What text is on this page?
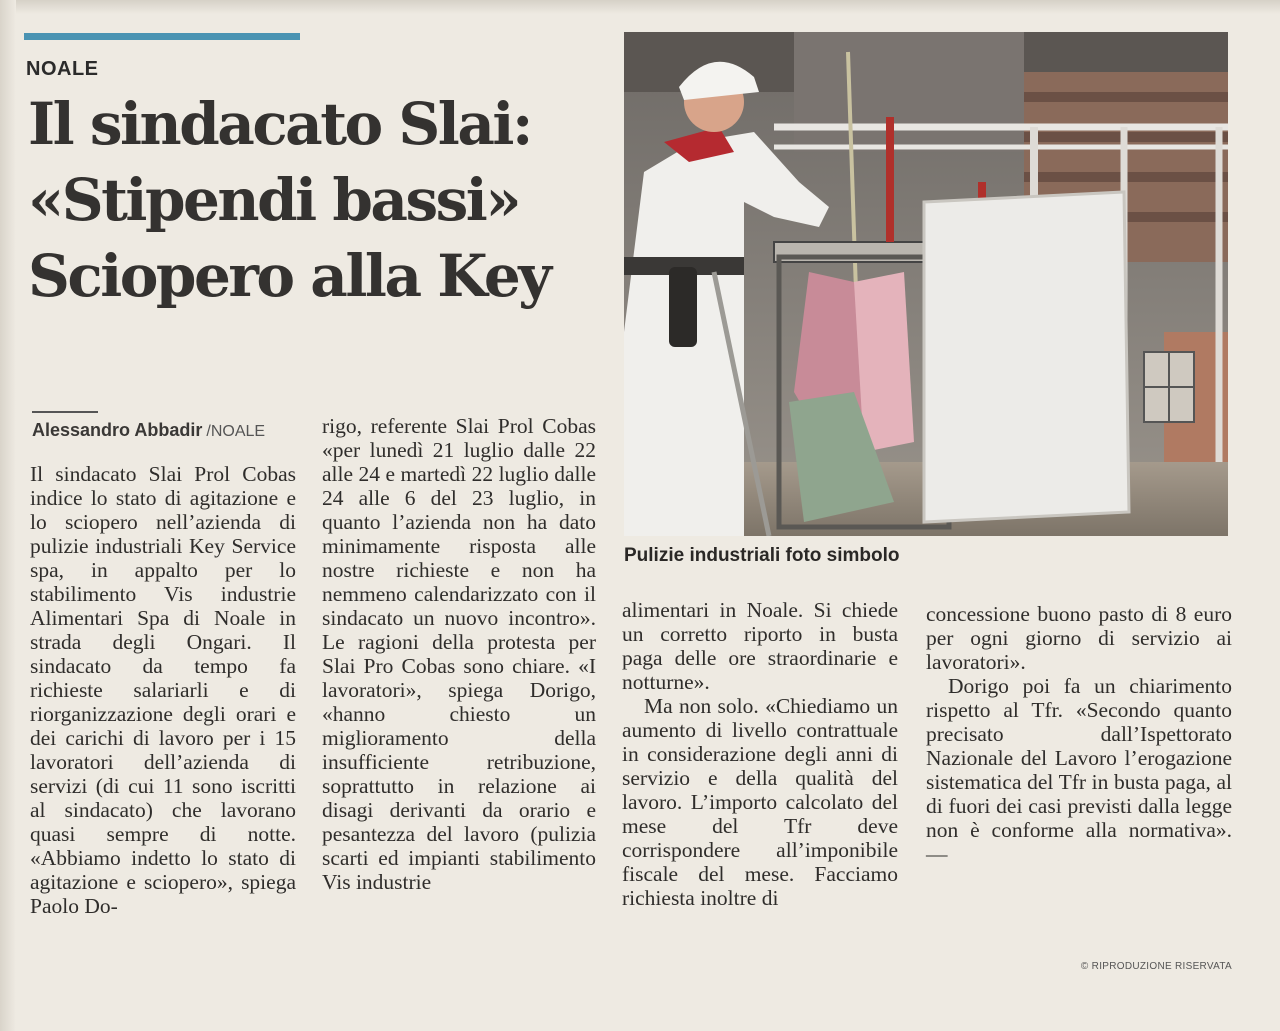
NOALE
Il sindacato Slai:
«Stipendi bassi»
Sciopero alla Key
Alessandro Abbadir /NOALE

Il sindacato Slai Prol Cobas indice lo stato di agitazione e lo sciopero nell’azienda di pulizie industriali Key Service spa, in appalto per lo stabilimento Vis industrie Alimentari Spa di Noale in strada degli Ongari. Il sindacato da tempo fa richieste salariarli e di riorganizzazione degli orari e dei carichi di lavoro per i 15 lavoratori dell’azienda di servizi (di cui 11 sono iscritti al sindacato) che lavorano quasi sempre di notte. «Abbiamo indetto lo stato di agitazione e sciopero», spiega Paolo Do-

rigo, referente Slai Prol Cobas «per lunedì 21 luglio dalle 22 alle 24 e martedì 22 luglio dalle 24 alle 6 del 23 luglio, in quanto l’azienda non ha dato minimamente risposta alle nostre richieste e non ha nemmeno calendarizzato con il sindacato un nuovo incontro». Le ragioni della protesta per Slai Pro Cobas sono chiare. «I lavoratori», spiega Dorigo, «hanno chiesto un miglioramento della insufficiente retribuzione, soprattutto in relazione ai disagi derivanti da orario e pesantezza del lavoro (pulizia scarti ed impianti stabilimento Vis industrie

alimentari in Noale. Si chiede un corretto riporto in busta paga delle ore straordinarie e notturne».

Ma non solo. «Chiediamo un aumento di livello contrattuale in considerazione degli anni di servizio e della qualità del lavoro. L’importo calcolato del mese del Tfr deve corrispondere all’imponibile fiscale del mese. Facciamo richiesta inoltre di

concessione buono pasto di 8 euro per ogni giorno di servizio ai lavoratori».

Dorigo poi fa un chiarimento rispetto al Tfr. «Secondo quanto precisato dall’Ispettorato Nazionale del Lavoro l’erogazione sistematica del Tfr in busta paga, al di fuori dei casi previsti dalla legge non è conforme alla normativa». —

Pulizie industriali foto simbolo
© RIPRODUZIONE RISERVATA
